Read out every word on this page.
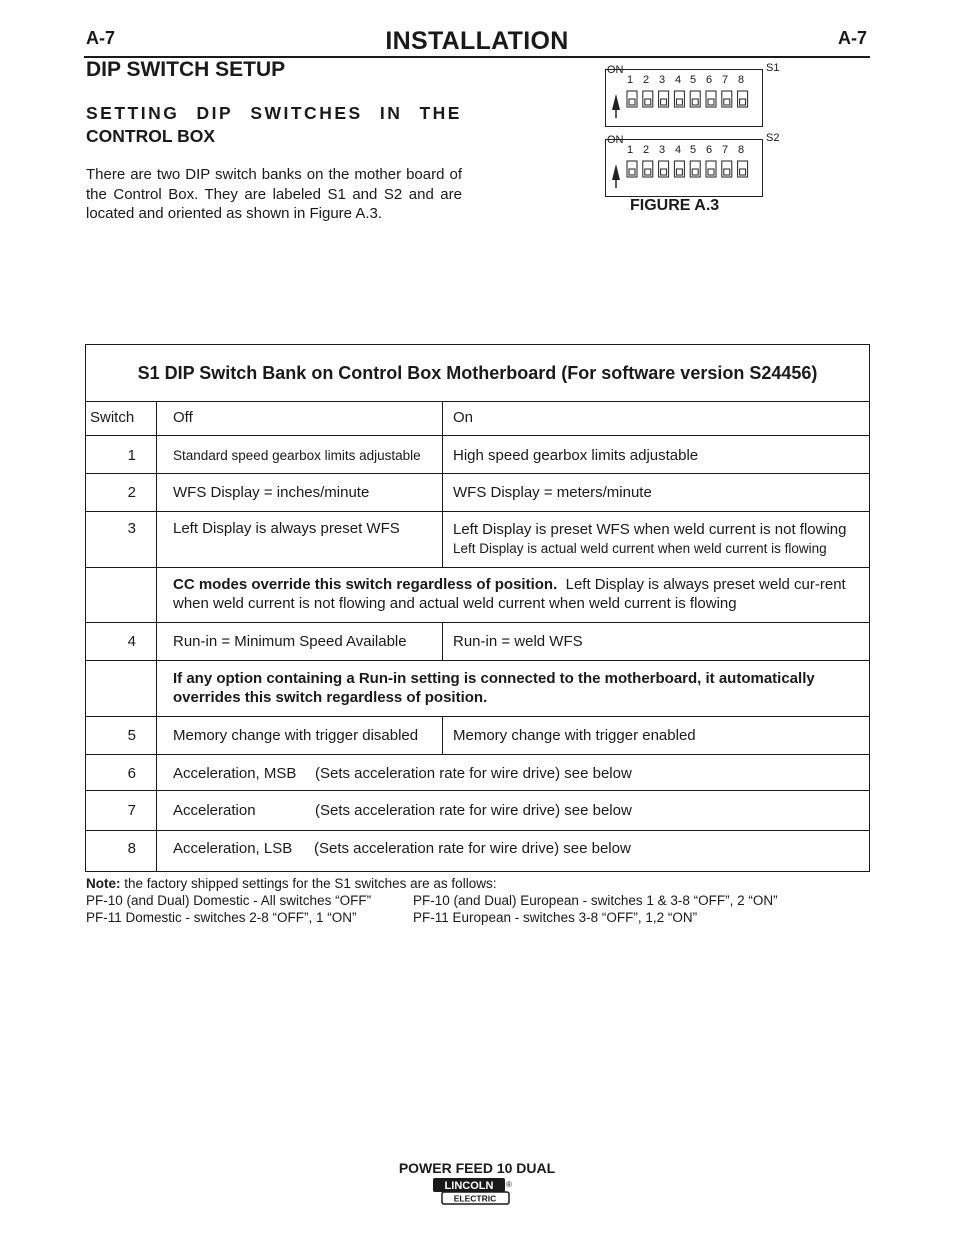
A-7	A-7
INSTALLATION
DIP SWITCH SETUP
SETTING DIP SWITCHES IN THE
CONTROL BOX
There are two DIP switch banks on the mother board of the Control Box. They are labeled S1 and S2 and are located and oriented as shown in Figure A.3.
ON
1 2 3 4 5 6 7 8
S1
ON
1 2 3 4 5 6 7 8
S2
FIGURE A.3
S1 DIP Switch Bank on Control Box Motherboard (For software version S24456)		
Switch	Off	On
1	Standard speed gearbox limits adjustable	High speed gearbox limits adjustable
2	WFS Display = inches/minute	WFS Display = meters/minute
3	Left Display is always preset WFS	Left Display is preset WFS when weld current is not flowing
Left Display is actual weld current when weld current is flowing

	CC modes override this switch regardless of position. Left Display is always preset weld cur-rent when weld current is not flowing and actual weld current when weld current is flowing	
4	Run-in = Minimum Speed Available	Run-in = weld WFS
	If any option containing a Run-in setting is connected to the motherboard, it automatically overrides this switch regardless of position.	
5	Memory change with trigger disabled	Memory change with trigger enabled
6	Acceleration, MSB (Sets acceleration rate for wire drive) see below	
7	Acceleration (Sets acceleration rate for wire drive) see below	
8	Acceleration, LSB (Sets acceleration rate for wire drive) see below	
Note: the factory shipped settings for the S1 switches are as follows:
PF-10 (and Dual) Domestic - All switches “OFF”	PF-10 (and Dual) European - switches 1 & 3-8 “OFF”, 2 “ON”
PF-11 Domestic - switches 2-8 “OFF”, 1 “ON”	PF-11 European - switches 3-8 “OFF”, 1,2 “ON”
POWER FEED 10 DUAL
LINCOLN
ELECTRIC
®
